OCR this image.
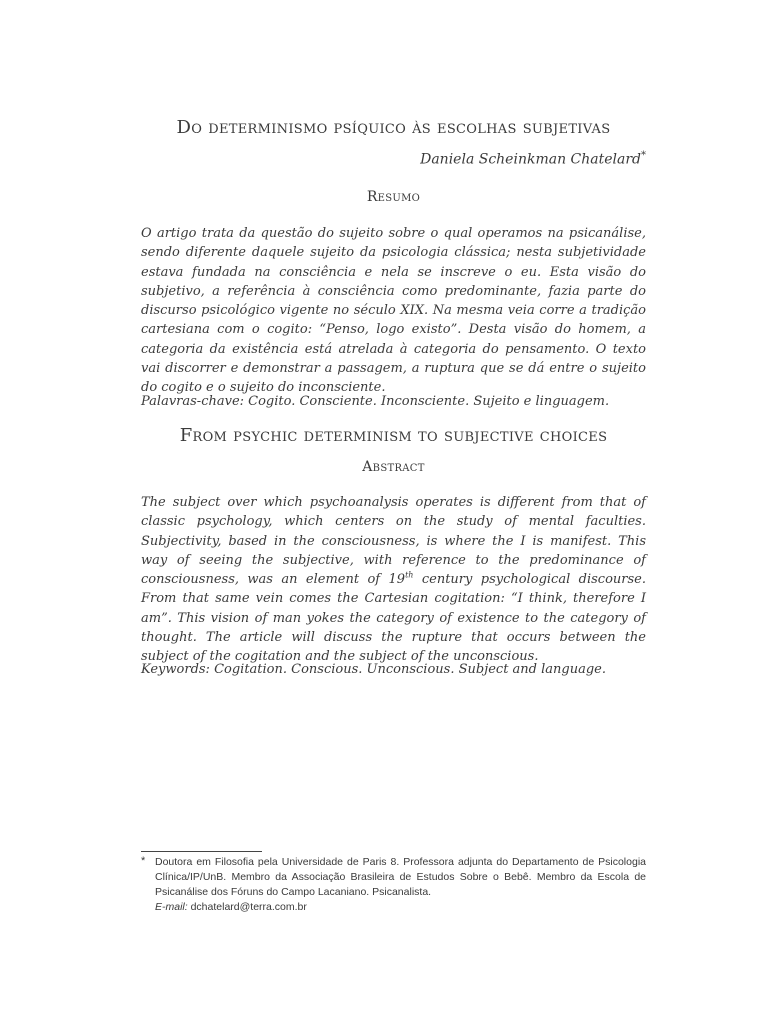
Do determinismo psíquico às escolhas subjetivas
Daniela Scheinkman Chatelard*
Resumo
O artigo trata da questão do sujeito sobre o qual operamos na psicanálise, sendo diferente daquele sujeito da psicologia clássica; nesta subjetividade estava fundada na consciência e nela se inscreve o eu. Esta visão do subjetivo, a referência à consciência como predominante, fazia parte do discurso psicológico vigente no século XIX. Na mesma veia corre a tradição cartesiana com o cogito: “Penso, logo existo”. Desta visão do homem, a categoria da existência está atrelada à categoria do pensamento. O texto vai discorrer e demonstrar a passagem, a ruptura que se dá entre o sujeito do cogito e o sujeito do inconsciente.
Palavras-chave: Cogito. Consciente. Inconsciente. Sujeito e linguagem.
From psychic determinism to subjective choices
Abstract
The subject over which psychoanalysis operates is different from that of classic psychology, which centers on the study of mental faculties. Subjectivity, based in the consciousness, is where the I is manifest. This way of seeing the subjective, with reference to the predominance of consciousness, was an element of 19th century psychological discourse. From that same vein comes the Cartesian cogitation: “I think, therefore I am”. This vision of man yokes the category of existence to the category of thought. The article will discuss the rupture that occurs between the subject of the cogitation and the subject of the unconscious.
Keywords: Cogitation. Conscious. Unconscious. Subject and language.
* Doutora em Filosofia pela Universidade de Paris 8. Professora adjunta do Departamento de Psicologia Clínica/IP/UnB. Membro da Associação Brasileira de Estudos Sobre o Bebê. Membro da Escola de Psicanálise dos Fóruns do Campo Lacaniano. Psicanalista.
E-mail: dchatelard@terra.com.br
